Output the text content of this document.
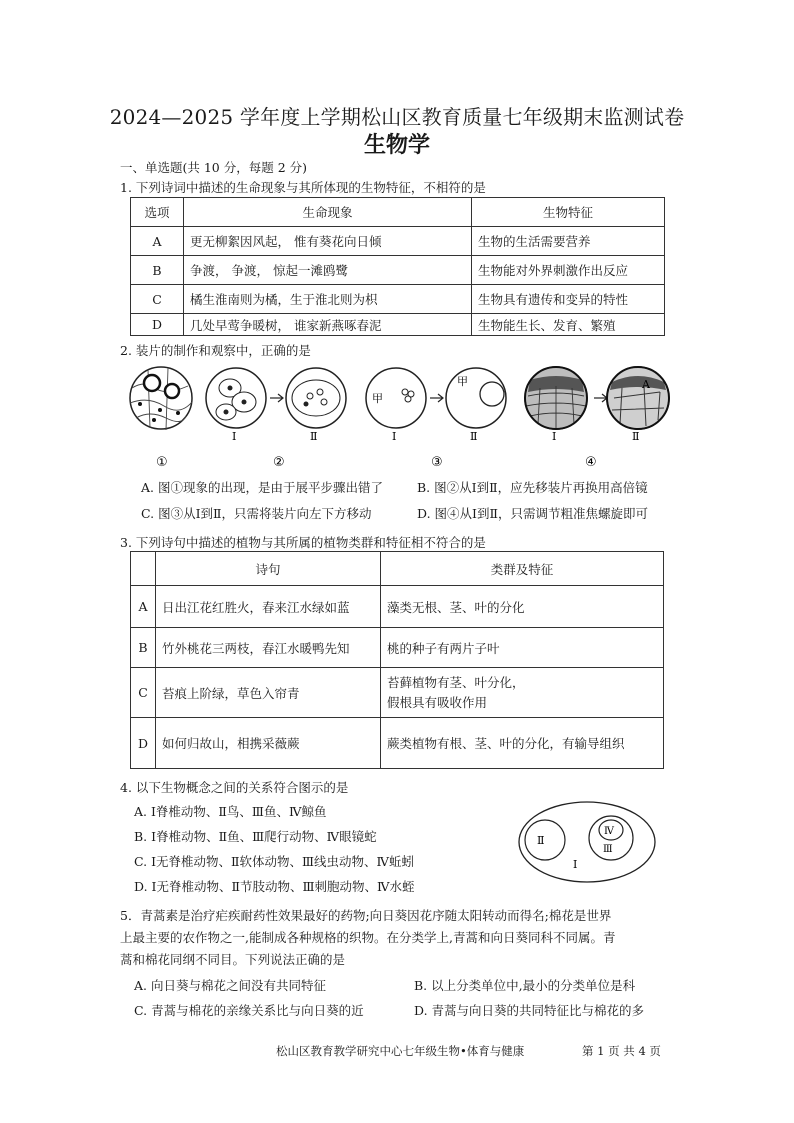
2024—2025 学年度上学期松山区教育质量七年级期末监测试卷
生物学
一、单选题(共 10 分，每题 2 分)
1. 下列诗词中描述的生命现象与其所体现的生物特征，不相符的是
选项	生命现象	生物特征
A	更无柳絮因风起， 惟有葵花向日倾	生物的生活需要营养
B	争渡， 争渡， 惊起一滩鸥鹭	生物能对外界刺激作出反应
C	橘生淮南则为橘，生于淮北则为枳	生物具有遗传和变异的特性
D	几处早莺争暖树， 谁家新燕啄春泥	生物能生长、发育、繁殖
2. 装片的制作和观察中，正确的是
甲
甲	A
Ⅰ	Ⅱ	Ⅰ	Ⅱ	Ⅰ	Ⅱ
①	②	③	④
A. 图①现象的出现，是由于展平步骤出错了	B. 图②从Ⅰ到Ⅱ，应先移装片再换用高倍镜
C. 图③从Ⅰ到Ⅱ，只需将装片向左下方移动	D. 图④从Ⅰ到Ⅱ，只需调节粗准焦螺旋即可
3. 下列诗句中描述的植物与其所属的植物类群和特征相不符合的是
	诗句	类群及特征
A	日出江花红胜火，春来江水绿如蓝	藻类无根、茎、叶的分化
B	竹外桃花三两枝，春江水暖鸭先知	桃的种子有两片子叶
C	苔痕上阶绿，草色入帘青	苔藓植物有茎、叶分化，
假根具有吸收作用

D	如何归故山，相携采薇蕨	蕨类植物有根、茎、叶的分化，有输导组织
4. 以下生物概念之间的关系符合图示的是
A. Ⅰ脊椎动物、Ⅱ鸟、Ⅲ鱼、Ⅳ鲸鱼
B. Ⅰ脊椎动物、Ⅱ鱼、Ⅲ爬行动物、Ⅳ眼镜蛇
C. Ⅰ无脊椎动物、Ⅱ软体动物、Ⅲ线虫动物、Ⅳ蚯蚓
D. Ⅰ无脊椎动物、Ⅱ节肢动物、Ⅲ刺胞动物、Ⅳ水蛭
Ⅱ
Ⅳ
Ⅲ
Ⅰ
5．青蒿素是治疗疟疾耐药性效果最好的药物;向日葵因花序随太阳转动而得名;棉花是世界
上最主要的农作物之一,能制成各种规格的织物。在分类学上,青蒿和向日葵同科不同属。青
蒿和棉花同纲不同目。下列说法正确的是
A. 向日葵与棉花之间没有共同特征	B. 以上分类单位中,最小的分类单位是科
C. 青蒿与棉花的亲缘关系比与向日葵的近	D. 青蒿与向日葵的共同特征比与棉花的多
松山区教育教学研究中心七年级生物•体育与健康	第 1 页 共 4 页
